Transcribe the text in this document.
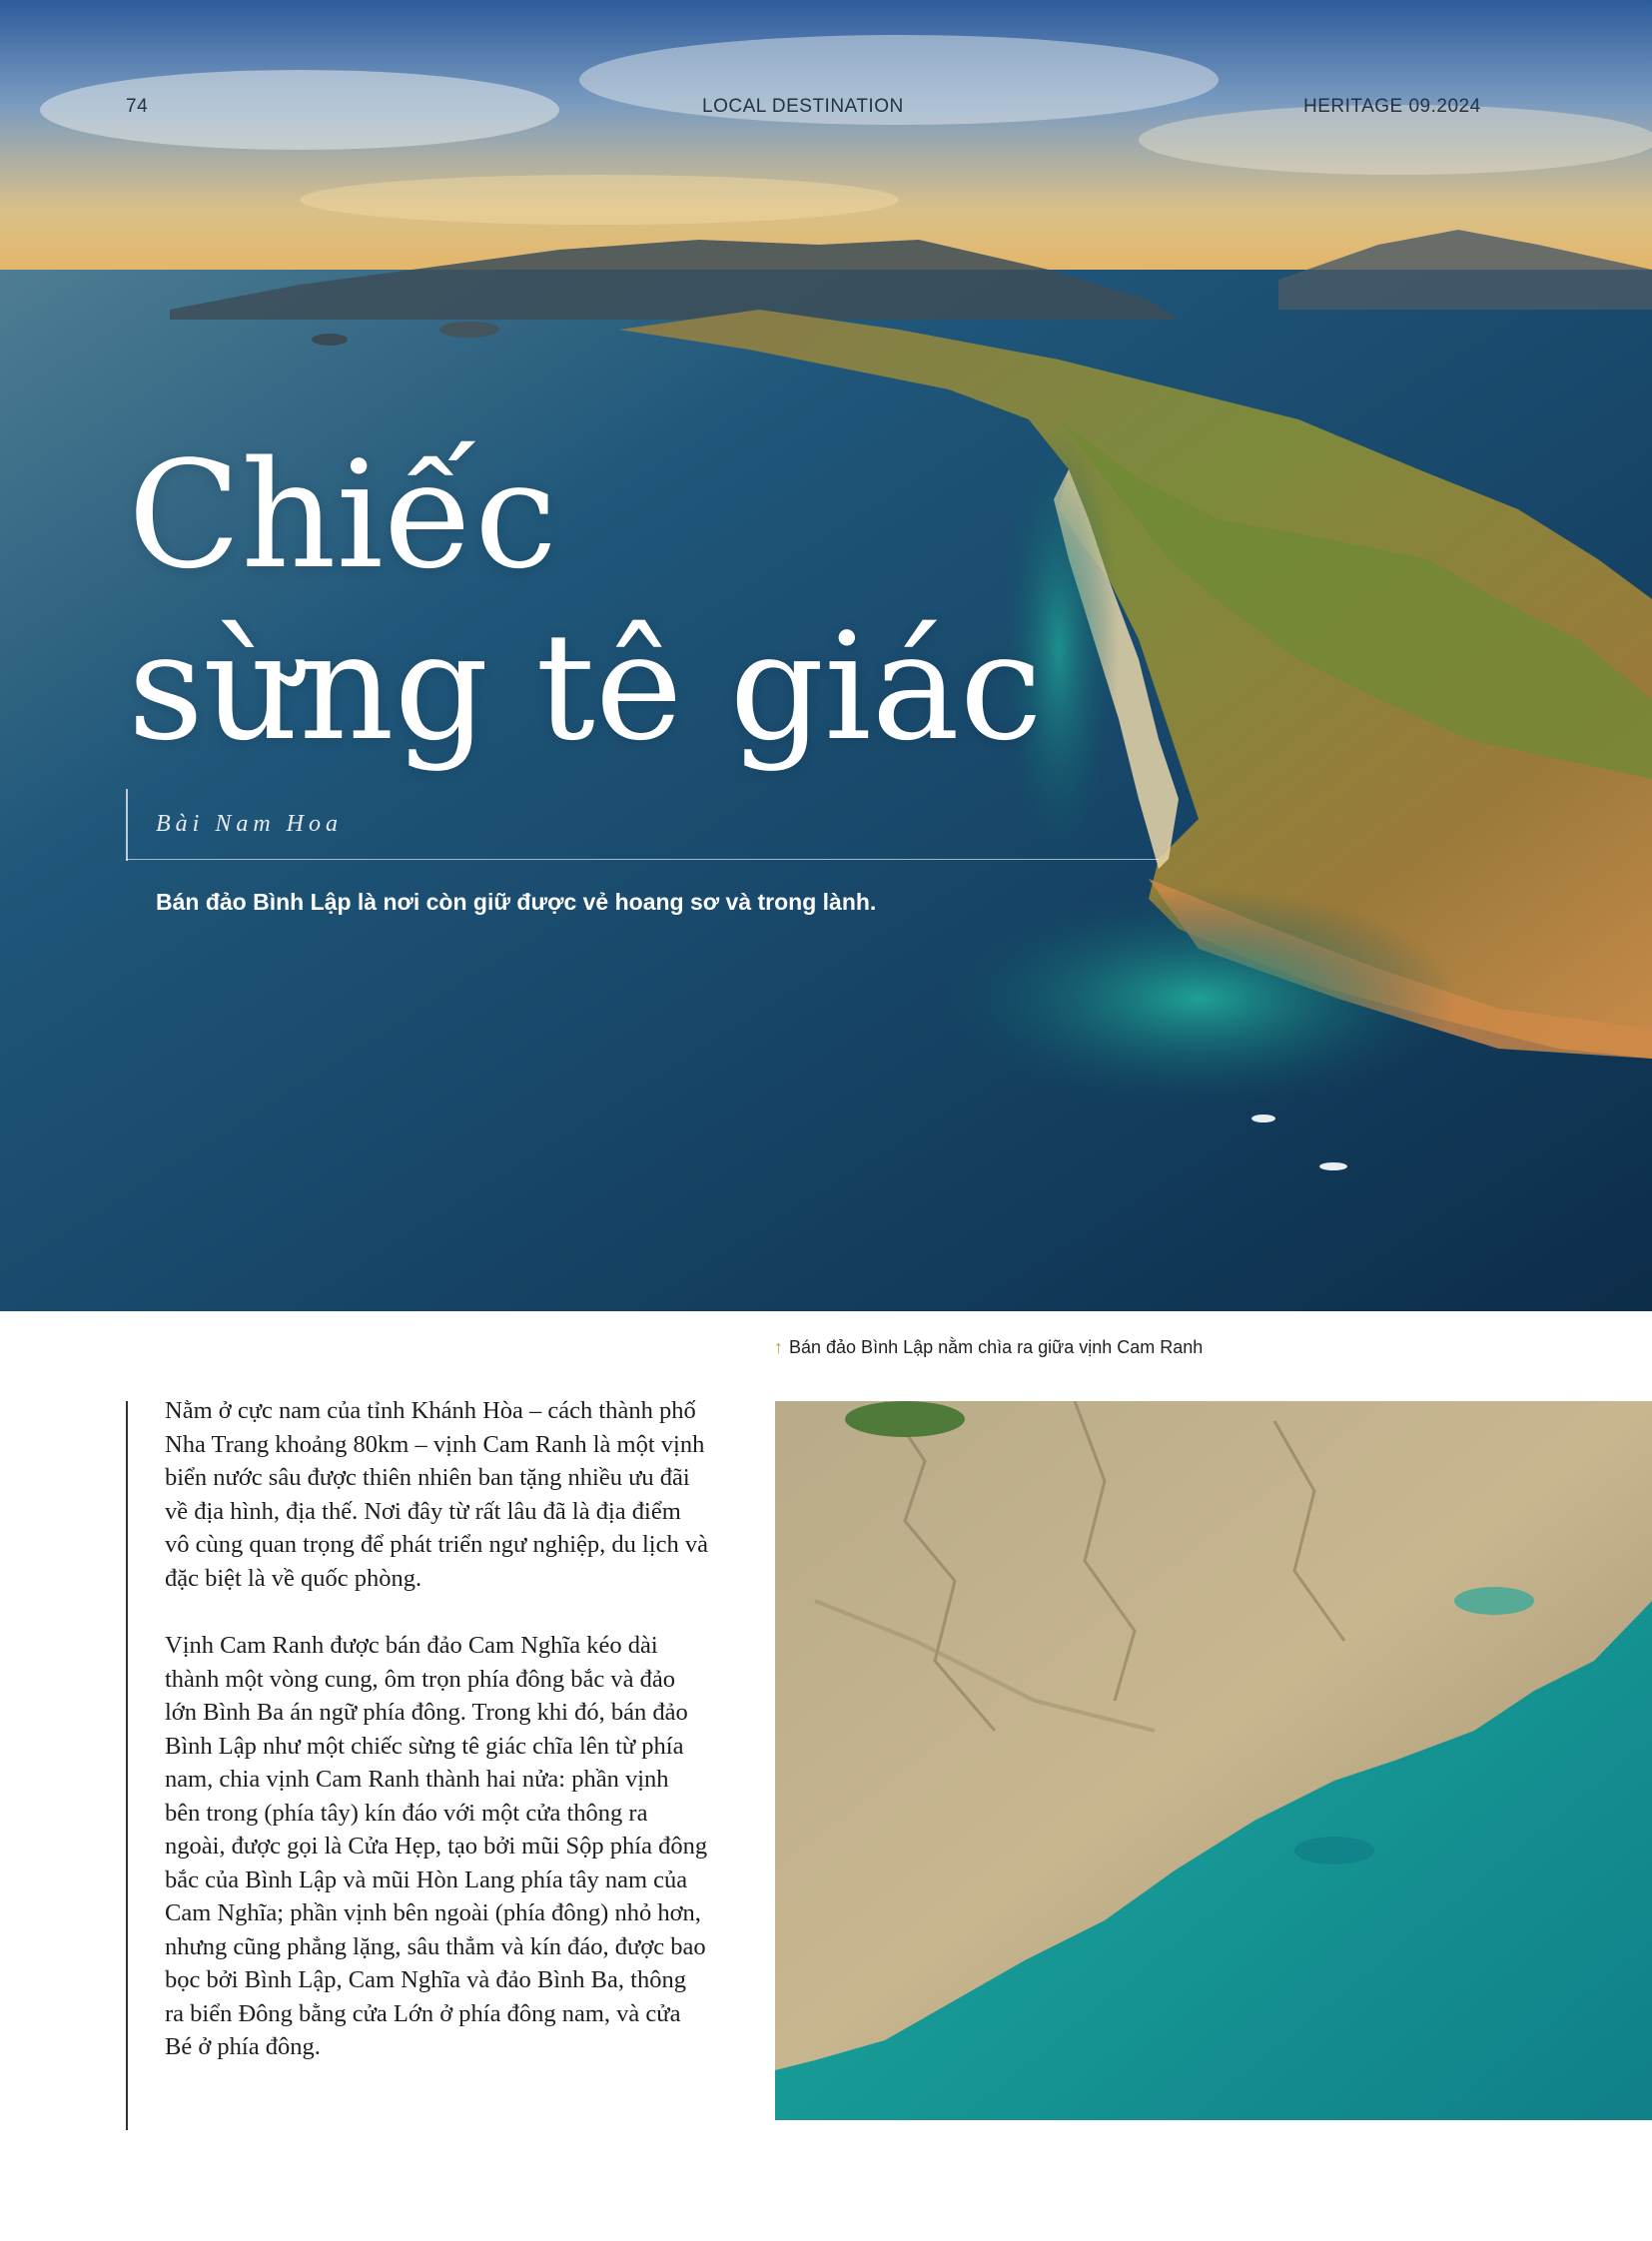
74	LOCAL DESTINATION	HERITAGE 09.2024
Chiếc
sừng tê giác
Bài Nam Hoa
Bán đảo Bình Lập là nơi còn giữ được vẻ hoang sơ và trong lành.
↑ Bán đảo Bình Lập nằm chìa ra giữa vịnh Cam Ranh

Nằm ở cực nam của tỉnh Khánh Hòa – cách thành phố Nha Trang khoảng 80km – vịnh Cam Ranh là một vịnh biển nước sâu được thiên nhiên ban tặng nhiều ưu đãi về địa hình, địa thế. Nơi đây từ rất lâu đã là địa điểm vô cùng quan trọng để phát triển ngư nghiệp, du lịch và đặc biệt là về quốc phòng.

Vịnh Cam Ranh được bán đảo Cam Nghĩa kéo dài thành một vòng cung, ôm trọn phía đông bắc và đảo lớn Bình Ba án ngữ phía đông. Trong khi đó, bán đảo Bình Lập như một chiếc sừng tê giác chĩa lên từ phía nam, chia vịnh Cam Ranh thành hai nửa: phần vịnh bên trong (phía tây) kín đáo với một cửa thông ra ngoài, được gọi là Cửa Hẹp, tạo bởi mũi Sộp phía đông bắc của Bình Lập và mũi Hòn Lang phía tây nam của Cam Nghĩa; phần vịnh bên ngoài (phía đông) nhỏ hơn, nhưng cũng phẳng lặng, sâu thẳm và kín đáo, được bao bọc bởi Bình Lập, Cam Nghĩa và đảo Bình Ba, thông ra biển Đông bằng cửa Lớn ở phía đông nam, và cửa Bé ở phía đông.
